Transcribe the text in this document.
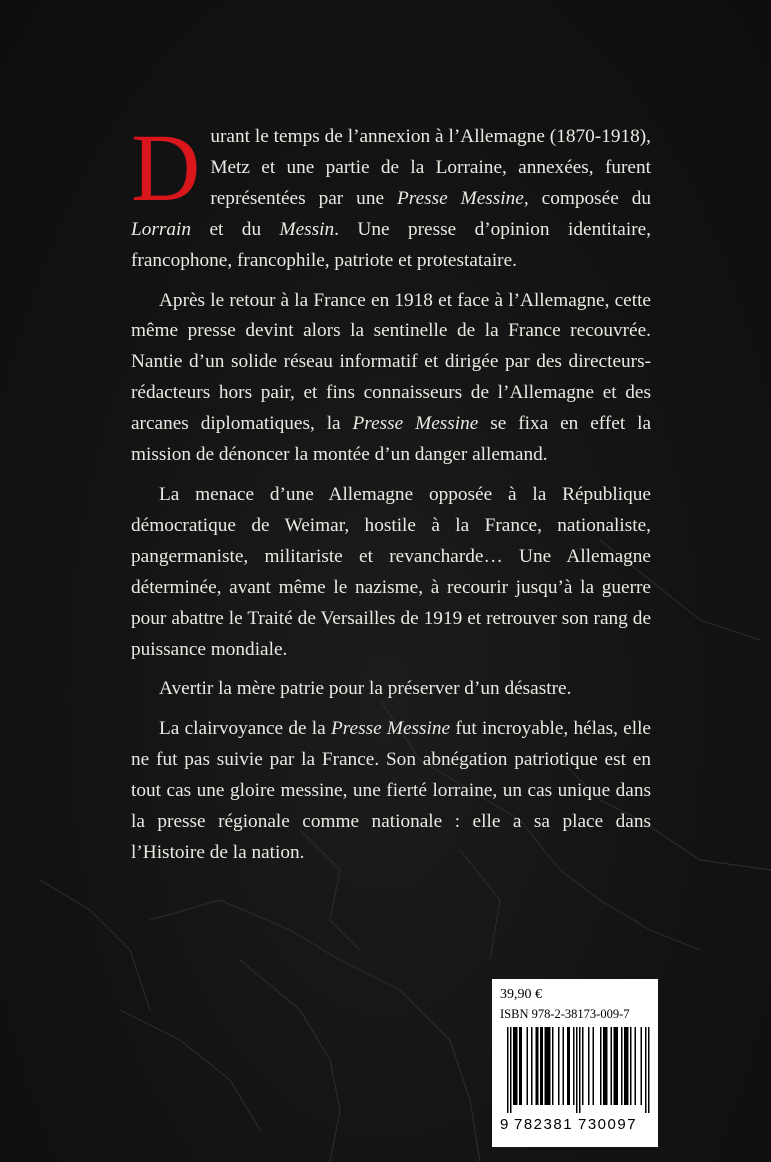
Durant le temps de l’annexion à l’Allemagne (1870-1918), Metz et une partie de la Lorraine, annexées, furent représentées par une Presse Messine, composée du Lorrain et du Messin. Une presse d’opinion identitaire, francophone, francophile, patriote et protestataire.

Après le retour à la France en 1918 et face à l’Allemagne, cette même presse devint alors la sentinelle de la France recouvrée. Nantie d’un solide réseau informatif et dirigée par des directeurs-rédacteurs hors pair, et fins connaisseurs de l’Allemagne et des arcanes diplomatiques, la Presse Messine se fixa en effet la mission de dénoncer la montée d’un danger allemand.

La menace d’une Allemagne opposée à la République démocratique de Weimar, hostile à la France, nationaliste, pangermaniste, militariste et revancharde… Une Allemagne déterminée, avant même le nazisme, à recourir jusqu’à la guerre pour abattre le Traité de Versailles de 1919 et retrouver son rang de puissance mondiale.

Avertir la mère patrie pour la préserver d’un désastre.

La clairvoyance de la Presse Messine fut incroyable, hélas, elle ne fut pas suivie par la France. Son abnégation patriotique est en tout cas une gloire messine, une fierté lorraine, un cas unique dans la presse régionale comme nationale : elle a sa place dans l’Histoire de la nation.

39,90 €
ISBN 978-2-38173-009-7
9 782381 730097
